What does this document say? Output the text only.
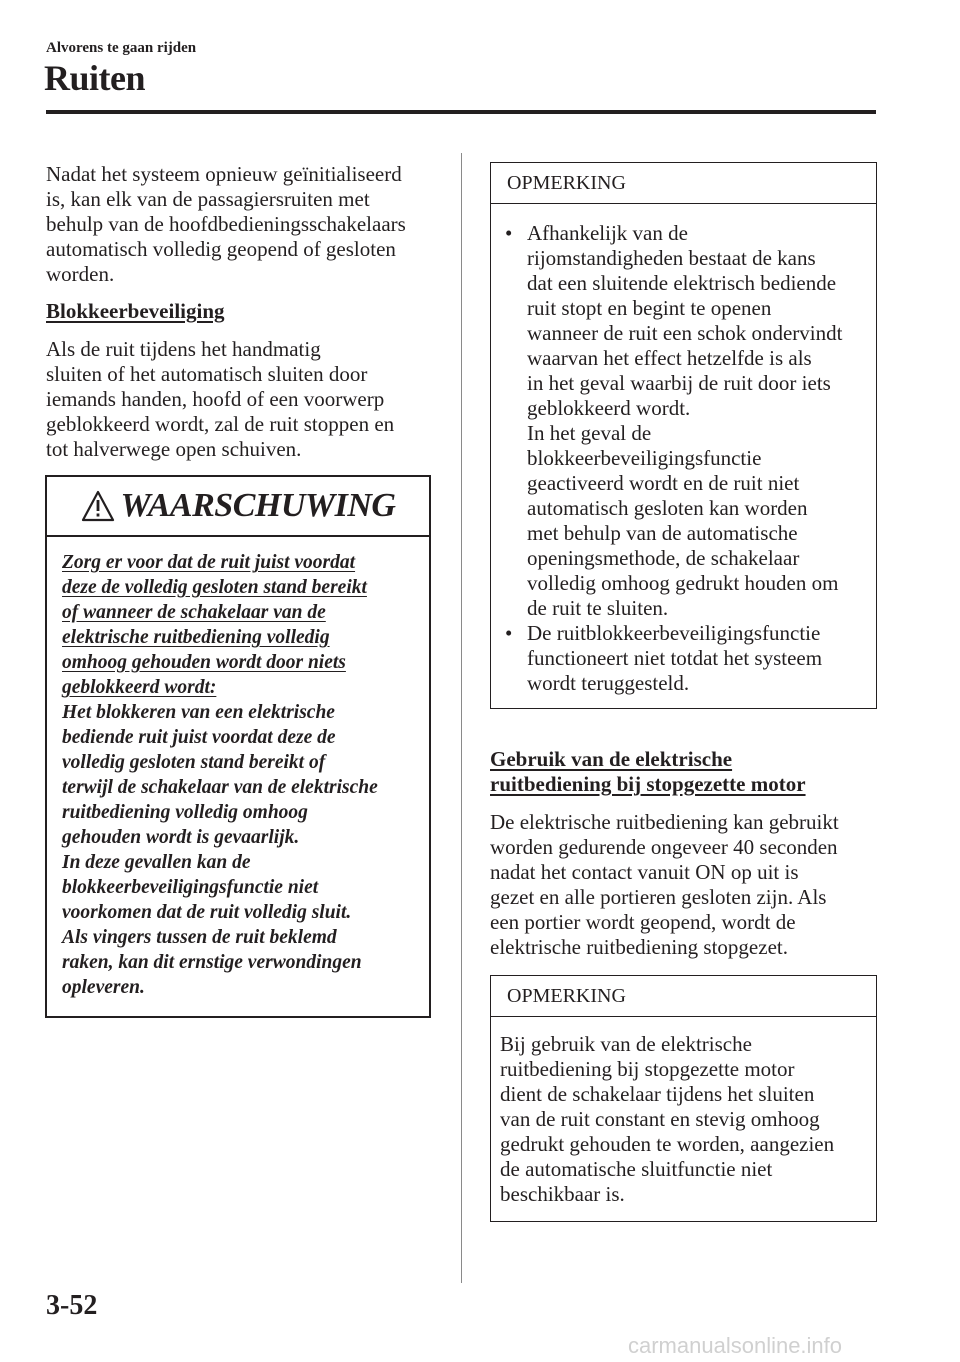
Alvorens te gaan rijden
Ruiten
Nadat het systeem opnieuw geïnitialiseerd
is, kan elk van de passagiersruiten met
behulp van de hoofdbedieningsschakelaars
automatisch volledig geopend of gesloten
worden.
Blokkeerbeveiliging
Als de ruit tijdens het handmatig
sluiten of het automatisch sluiten door
iemands handen, hoofd of een voorwerp
geblokkeerd wordt, zal de ruit stoppen en
tot halverwege open schuiven.
WAARSCHUWING
Zorg er voor dat de ruit juist voordat
deze de volledig gesloten stand bereikt
of wanneer de schakelaar van de
elektrische ruitbediening volledig
omhoog gehouden wordt door niets
geblokkeerd wordt:
Het blokkeren van een elektrische
bediende ruit juist voordat deze de
volledig gesloten stand bereikt of
terwijl de schakelaar van de elektrische
ruitbediening volledig omhoog
gehouden wordt is gevaarlijk.
In deze gevallen kan de
blokkeerbeveiligingsfunctie niet
voorkomen dat de ruit volledig sluit.
Als vingers tussen de ruit beklemd
raken, kan dit ernstige verwondingen
opleveren.
OPMERKING
• Afhankelijk van de
rijomstandigheden bestaat de kans
dat een sluitende elektrisch bediende
ruit stopt en begint te openen
wanneer de ruit een schok ondervindt
waarvan het effect hetzelfde is als
in het geval waarbij de ruit door iets
geblokkeerd wordt.
In het geval de
blokkeerbeveiligingsfunctie
geactiveerd wordt en de ruit niet
automatisch gesloten kan worden
met behulp van de automatische
openingsmethode, de schakelaar
volledig omhoog gedrukt houden om
de ruit te sluiten.
• De ruitblokkeerbeveiligingsfunctie
functioneert niet totdat het systeem
wordt teruggesteld.
Gebruik van de elektrische
ruitbediening bij stopgezette motor
De elektrische ruitbediening kan gebruikt
worden gedurende ongeveer 40 seconden
nadat het contact vanuit ON op uit is
gezet en alle portieren gesloten zijn. Als
een portier wordt geopend, wordt de
elektrische ruitbediening stopgezet.
OPMERKING
Bij gebruik van de elektrische
ruitbediening bij stopgezette motor
dient de schakelaar tijdens het sluiten
van de ruit constant en stevig omhoog
gedrukt gehouden te worden, aangezien
de automatische sluitfunctie niet
beschikbaar is.
3-52
carmanualsonline.info
